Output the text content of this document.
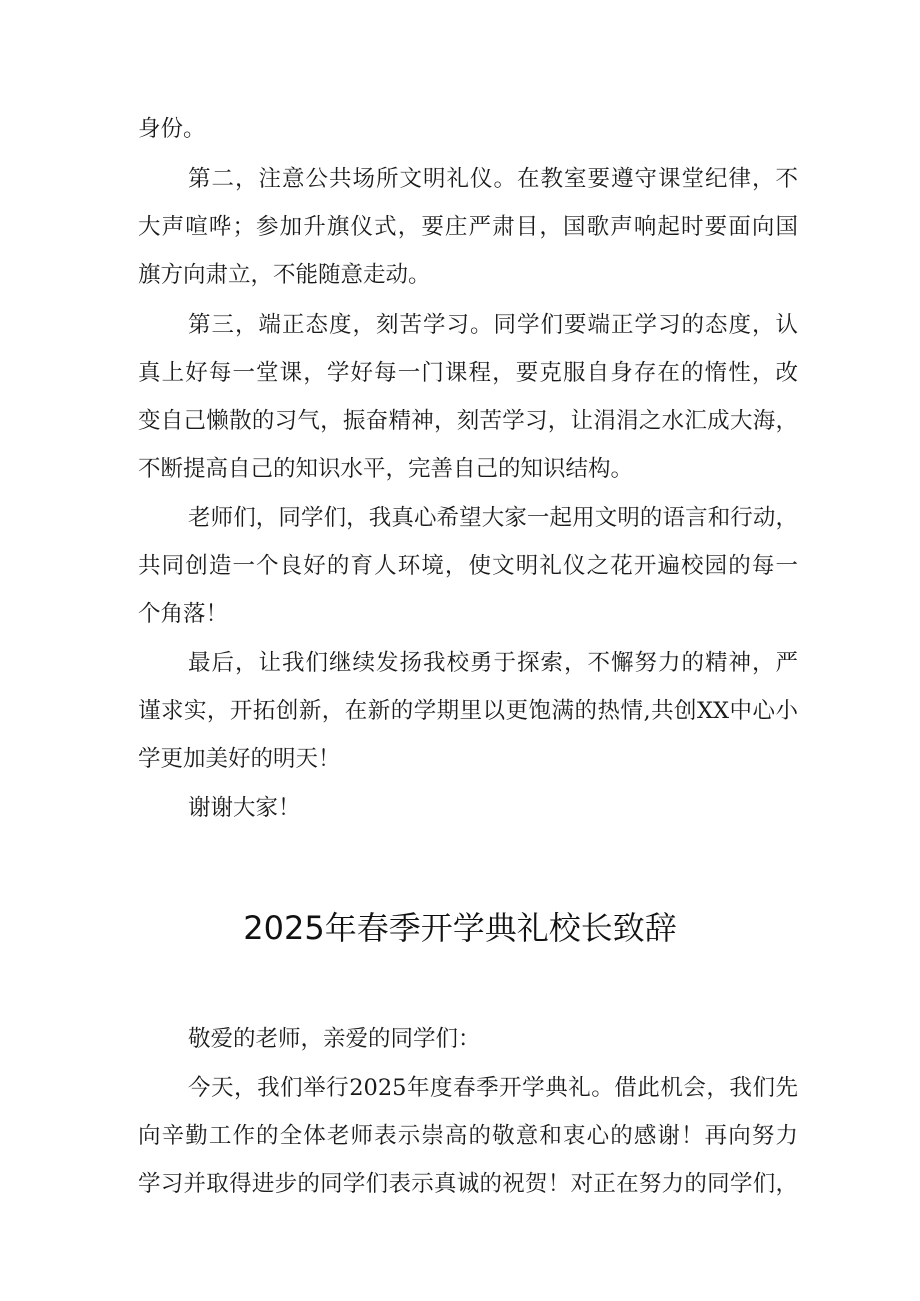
身份。
第二，注意公共场所文明礼仪。在教室要遵守课堂纪律，不
大声喧哗；参加升旗仪式，要庄严肃目，国歌声响起时要面向国
旗方向肃立，不能随意走动。
第三，端正态度，刻苦学习。同学们要端正学习的态度，认
真上好每一堂课，学好每一门课程，要克服自身存在的惰性，改
变自己懒散的习气，振奋精神，刻苦学习，让涓涓之水汇成大海，
不断提高自己的知识水平，完善自己的知识结构。
老师们，同学们，我真心希望大家一起用文明的语言和行动，
共同创造一个良好的育人环境，使文明礼仪之花开遍校园的每一
个角落！
最后，让我们继续发扬我校勇于探索，不懈努力的精神，严
谨求实，开拓创新，在新的学期里以更饱满的热情,共创XX中心小
学更加美好的明天！
谢谢大家！
2025年春季开学典礼校长致辞
敬爱的老师，亲爱的同学们：
今天，我们举行2025年度春季开学典礼。借此机会，我们先
向辛勤工作的全体老师表示崇高的敬意和衷心的感谢！再向努力
学习并取得进步的同学们表示真诚的祝贺！对正在努力的同学们，
